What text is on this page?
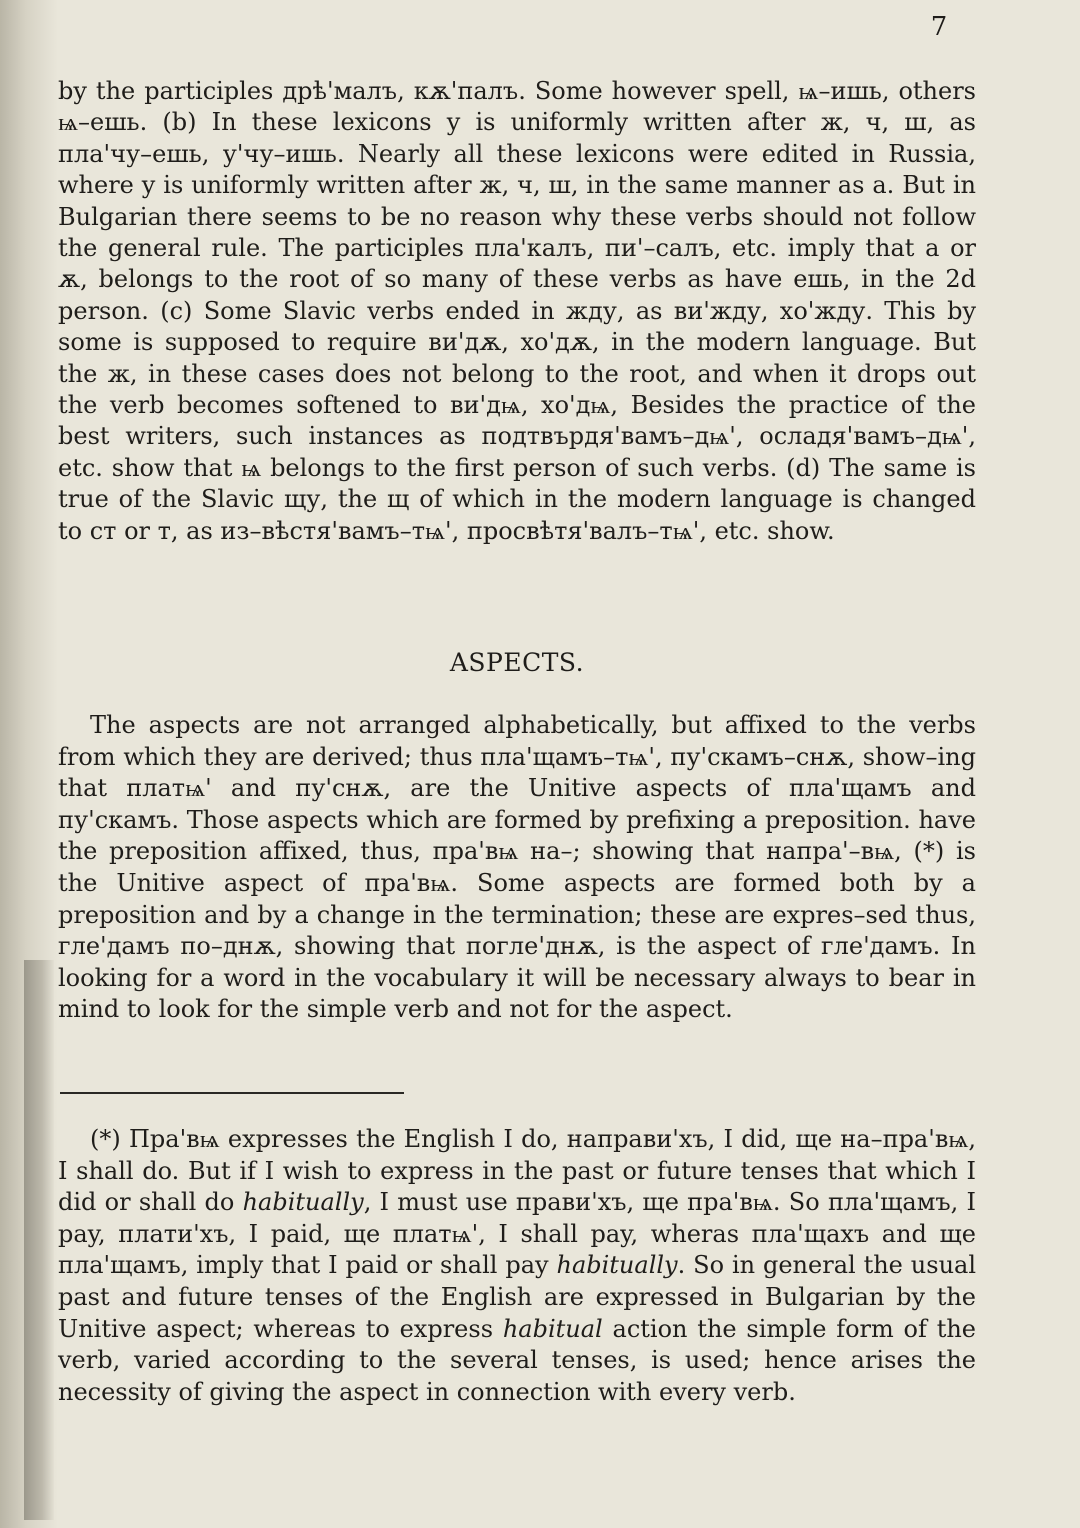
7

by the participles дрѣ'малъ, кѫ'палъ. Some however spell, ѩ–ишь, others ѩ–ешь. (b) In these lexicons y is uniformly written after ж, ч, ш, as пла'чу–ешь, у'чу–ишь. Nearly all these lexicons were edited in Russia, where y is uniformly written after ж, ч, ш, in the same manner as a. But in Bulgarian there seems to be no reason why these verbs should not follow the general rule. The participles пла'калъ, пи'–салъ, etc. imply that a or ѫ, belongs to the root of so many of these verbs as have ешь, in the 2d person. (c) Some Slavic verbs ended in жду, as ви'жду, хо'жду. This by some is supposed to require ви'дѫ, хо'дѫ, in the modern language. But the ж, in these cases does not belong to the root, and when it drops out the verb becomes softened to ви'дѩ, хо'дѩ, Besides the practice of the best writers, such instances as подтвърдя'вамъ–дѩ', осладя'вамъ–дѩ', etc. show that ѩ belongs to the first person of such verbs. (d) The same is true of the Slavic щу, the щ of which in the modern language is changed to ст or т, as из–вѣстя'вамъ–тѩ', просвѣтя'валъ–тѩ', etc. show.

ASPECTS.

The aspects are not arranged alphabetically, but affixed to the verbs from which they are derived; thus пла'щамъ–тѩ', пу'скамъ–снѫ, show–ing that платѩ' and пу'снѫ, are the Unitive aspects of пла'щамъ and пу'скамъ. Those aspects which are formed by prefixing a preposition. have the preposition affixed, thus, пра'вѩ на–; showing that напра'–вѩ, (*) is the Unitive aspect of пра'вѩ. Some aspects are formed both by a preposition and by a change in the termination; these are expres–sed thus, гле'дамъ по–днѫ, showing that погле'днѫ, is the aspect of гле'дамъ. In looking for a word in the vocabulary it will be necessary always to bear in mind to look for the simple verb and not for the aspect.

(*) Пра'вѩ expresses the English I do, направи'хъ, I did, ще на–пра'вѩ, I shall do. But if I wish to express in the past or future tenses that which I did or shall do habitually, I must use прави'хъ, ще пра'вѩ. So пла'щамъ, I pay, плати'хъ, I paid, ще платѩ', I shall pay, wheras пла'щахъ and ще пла'щамъ, imply that I paid or shall pay habitually. So in general the usual past and future tenses of the English are expressed in Bulgarian by the Unitive aspect; whereas to express habitual action the simple form of the verb, varied according to the several tenses, is used; hence arises the necessity of giving the aspect in connection with every verb.
